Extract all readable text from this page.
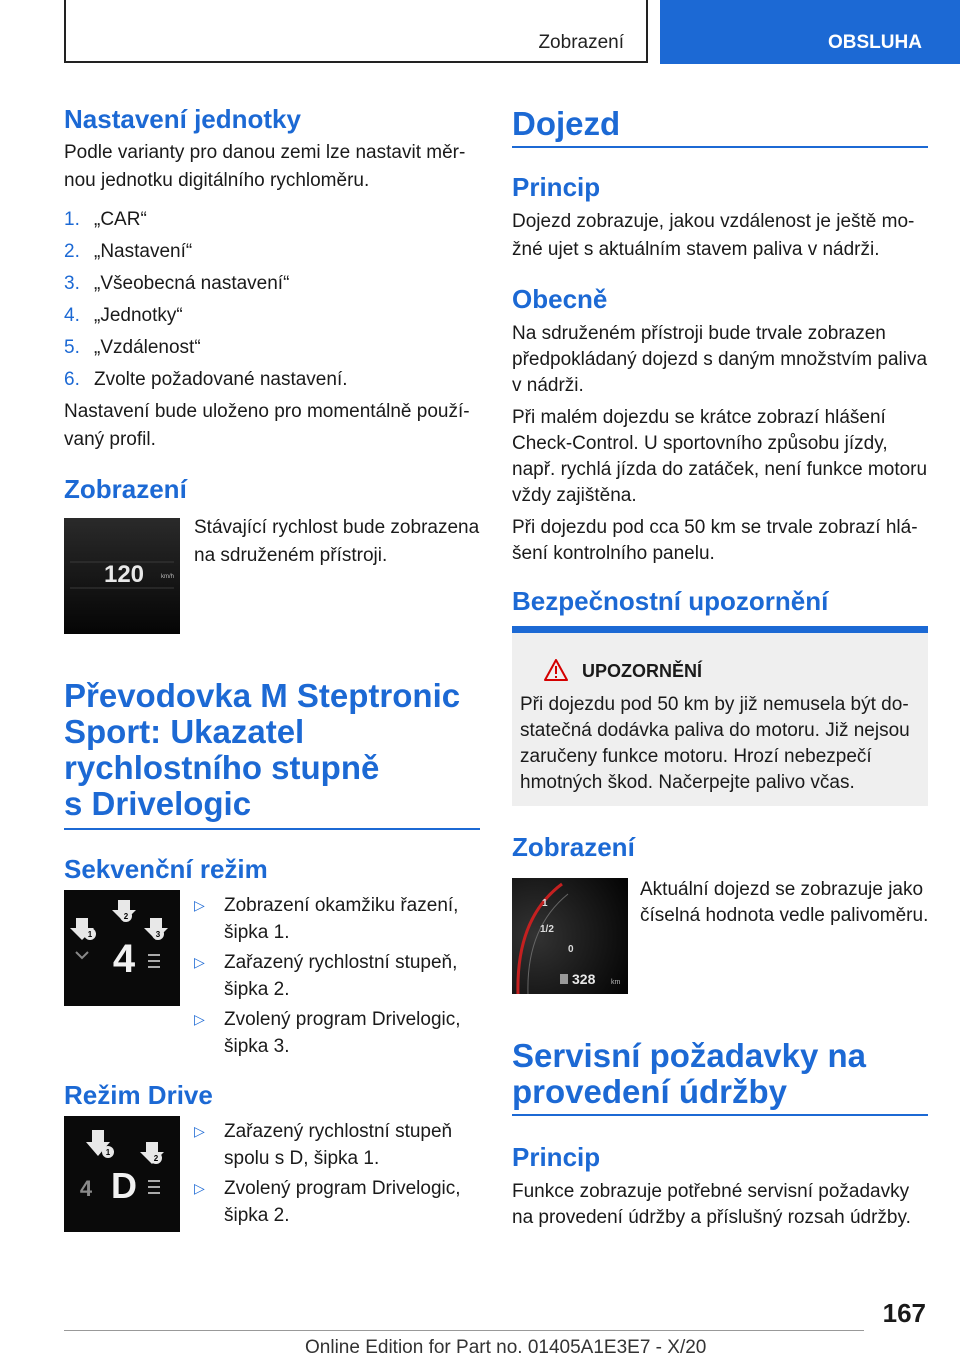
Zobrazení	OBSLUHA
Nastavení jednotky

Podle varianty pro danou zemi lze nastavit měr-

nou jednotku digitálního rychloměru.

1. „CAR“
2. „Nastavení“
3. „Všeobecná nastavení“
4. „Jednotky“
5. „Vzdálenost“
6. Zvolte požadované nastavení.

Nastavení bude uloženo pro momentálně použí-

vaný profil.

Zobrazení
120	km/h

Stávající rychlost bude zobrazena

na sdruženém přístroji.

Převodovka M Steptronic
Sport: Ukazatel
rychlostního stupně
s Drivelogic
Sekvenční režim
1
2
3
4
▷ Zobrazení okamžiku řazení,
šipka 1.
▷ Zařazený rychlostní stupeň,
šipka 2.
▷ Zvolený program Drivelogic,
šipka 3.
Režim Drive
1
2
4 D
▷ Zařazený rychlostní stupeň
spolu s D, šipka 1.
▷ Zvolený program Drivelogic,
šipka 2.
Dojezd
Princip

Dojezd zobrazuje, jakou vzdálenost je ještě mo-

žné ujet s aktuálním stavem paliva v nádrži.

Obecně

Na sdruženém přístroji bude trvale zobrazen

předpokládaný dojezd s daným množstvím paliva

v nádrži.

Při malém dojezdu se krátce zobrazí hlášení

Check-Control. U sportovního způsobu jízdy,

např. rychlá jízda do zatáček, není funkce motoru

vždy zajištěna.

Při dojezdu pod cca 50 km se trvale zobrazí hlá-

šení kontrolního panelu.

Bezpečnostní upozornění
UPOZORNĚNÍ

Při dojezdu pod 50 km by již nemusela být do-

statečná dodávka paliva do motoru. Již nejsou

zaručeny funkce motoru. Hrozí nebezpečí

hmotných škod. Načerpejte palivo včas.

Zobrazení
1
1/2
0
328 km

Aktuální dojezd se zobrazuje jako

číselná hodnota vedle palivoměru.

Servisní požadavky na
provedení údržby
Princip

Funkce zobrazuje potřebné servisní požadavky

na provedení údržby a příslušný rozsah údržby.

167
Online Edition for Part no. 01405A1E3E7 - X/20
